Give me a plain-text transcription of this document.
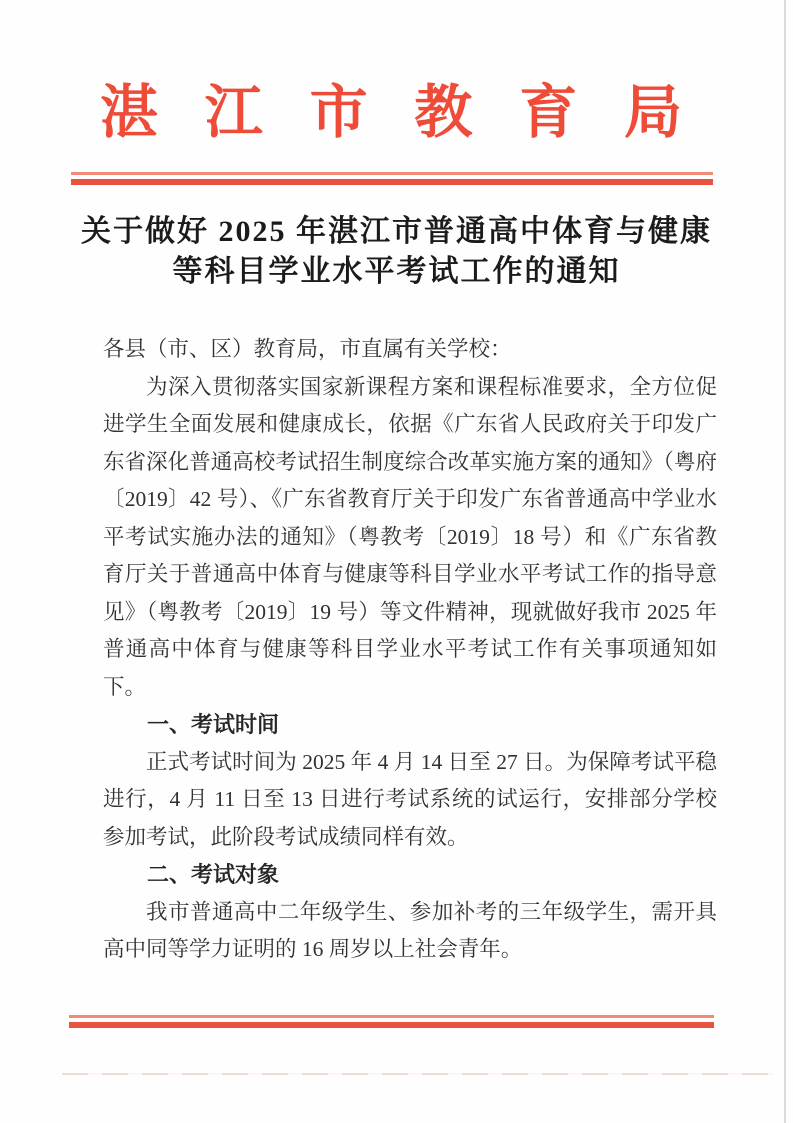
湛 江 市 教 育 局
关于做好 2025 年湛江市普通高中体育与健康
等科目学业水平考试工作的通知

各县（市、区）教育局，市直属有关学校：

为深入贯彻落实国家新课程方案和课程标准要求，全方位促进学生全面发展和健康成长，依据《广东省人民政府关于印发广东省深化普通高校考试招生制度综合改革实施方案的通知》（粤府〔2019〕42 号）、《广东省教育厅关于印发广东省普通高中学业水平考试实施办法的通知》（粤教考〔2019〕18 号）和《广东省教育厅关于普通高中体育与健康等科目学业水平考试工作的指导意见》（粤教考〔2019〕19 号）等文件精神，现就做好我市 2025 年普通高中体育与健康等科目学业水平考试工作有关事项通知如下。

一、考试时间

正式考试时间为 2025 年 4 月 14 日至 27 日。为保障考试平稳进行，4 月 11 日至 13 日进行考试系统的试运行，安排部分学校参加考试，此阶段考试成绩同样有效。

二、考试对象

我市普通高中二年级学生、参加补考的三年级学生，需开具高中同等学力证明的 16 周岁以上社会青年。
